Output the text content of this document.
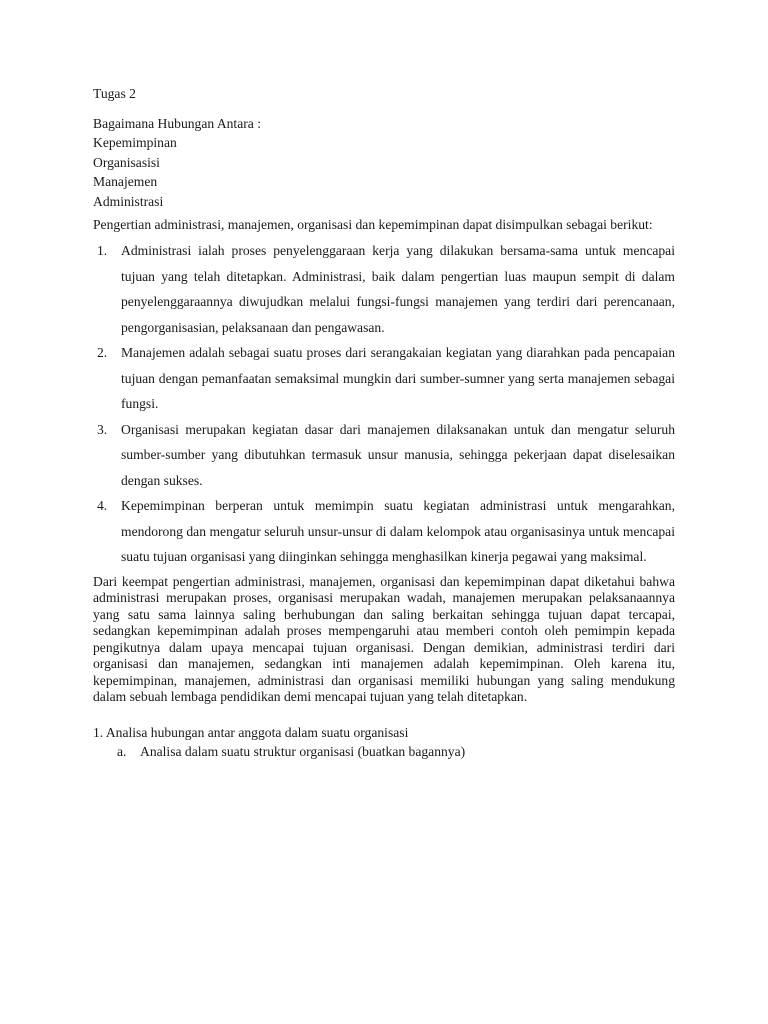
Tugas 2
Bagaimana Hubungan Antara :
Kepemimpinan
Organisasisi
Manajemen
Administrasi
Pengertian administrasi, manajemen, organisasi dan kepemimpinan dapat disimpulkan sebagai berikut:
1. Administrasi ialah proses penyelenggaraan kerja yang dilakukan bersama-sama untuk mencapai tujuan yang telah ditetapkan. Administrasi, baik dalam pengertian luas maupun sempit di dalam penyelenggaraannya diwujudkan melalui fungsi-fungsi manajemen yang terdiri dari perencanaan, pengorganisasian, pelaksanaan dan pengawasan.
2. Manajemen adalah sebagai suatu proses dari serangakaian kegiatan yang diarahkan pada pencapaian tujuan dengan pemanfaatan semaksimal mungkin dari sumber-sumner yang serta manajemen sebagai fungsi.
3. Organisasi merupakan kegiatan dasar dari manajemen dilaksanakan untuk dan mengatur seluruh sumber-sumber yang dibutuhkan termasuk unsur manusia, sehingga pekerjaan dapat diselesaikan dengan sukses.
4. Kepemimpinan berperan untuk memimpin suatu kegiatan administrasi untuk mengarahkan, mendorong dan mengatur seluruh unsur-unsur di dalam kelompok atau organisasinya untuk mencapai suatu tujuan organisasi yang diinginkan sehingga menghasilkan kinerja pegawai yang maksimal.
Dari keempat pengertian administrasi, manajemen, organisasi dan kepemimpinan dapat diketahui bahwa administrasi merupakan proses, organisasi merupakan wadah, manajemen merupakan pelaksanaannya yang satu sama lainnya saling berhubungan dan saling berkaitan sehingga tujuan dapat tercapai, sedangkan kepemimpinan adalah proses mempengaruhi atau memberi contoh oleh pemimpin kepada pengikutnya dalam upaya mencapai tujuan organisasi. Dengan demikian, administrasi terdiri dari organisasi dan manajemen, sedangkan inti manajemen adalah kepemimpinan. Oleh karena itu, kepemimpinan, manajemen, administrasi dan organisasi memiliki hubungan yang saling mendukung dalam sebuah lembaga pendidikan demi mencapai tujuan yang telah ditetapkan.
1. Analisa hubungan antar anggota dalam suatu organisasi
a. Analisa dalam suatu struktur organisasi (buatkan bagannya)
